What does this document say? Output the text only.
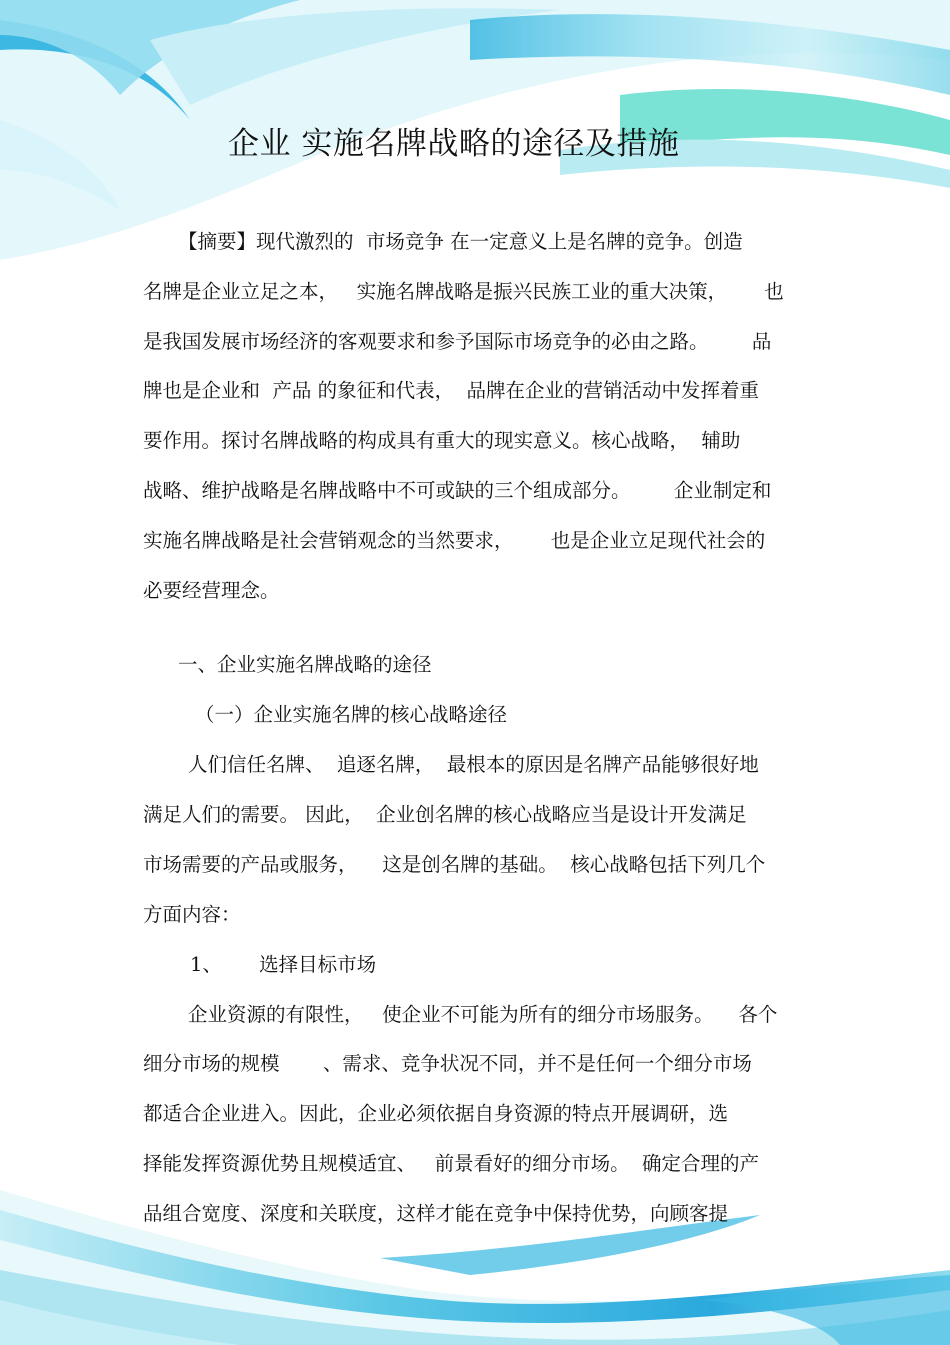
企业 实施名牌战略的途径及措施
【摘要】现代激烈的  市场竞争 在一定意义上是名牌的竞争。创造
名牌是企业立足之本，   实施名牌战略是振兴民族工业的重大决策，      也
是我国发展市场经济的客观要求和参予国际市场竞争的必由之路。       品
牌也是企业和  产品 的象征和代表，  品牌在企业的营销活动中发挥着重
要作用。探讨名牌战略的构成具有重大的现实意义。核心战略，  辅助
战略、维护战略是名牌战略中不可或缺的三个组成部分。       企业制定和
实施名牌战略是社会营销观念的当然要求，      也是企业立足现代社会的
必要经营理念。
一、企业实施名牌战略的途径
（一）企业实施名牌的核心战略途径
人们信任名牌、  追逐名牌，  最根本的原因是名牌产品能够很好地
满足人们的需要。 因此，  企业创名牌的核心战略应当是设计开发满足
市场需要的产品或服务，    这是创名牌的基础。  核心战略包括下列几个
方面内容：
1、      选择目标市场
企业资源的有限性，   使企业不可能为所有的细分市场服务。    各个
细分市场的规模       、需求、竞争状况不同，并不是任何一个细分市场
都适合企业进入。因此，企业必须依据自身资源的特点开展调研，选
择能发挥资源优势且规模适宜、   前景看好的细分市场。  确定合理的产
品组合宽度、深度和关联度，这样才能在竞争中保持优势，向顾客提
